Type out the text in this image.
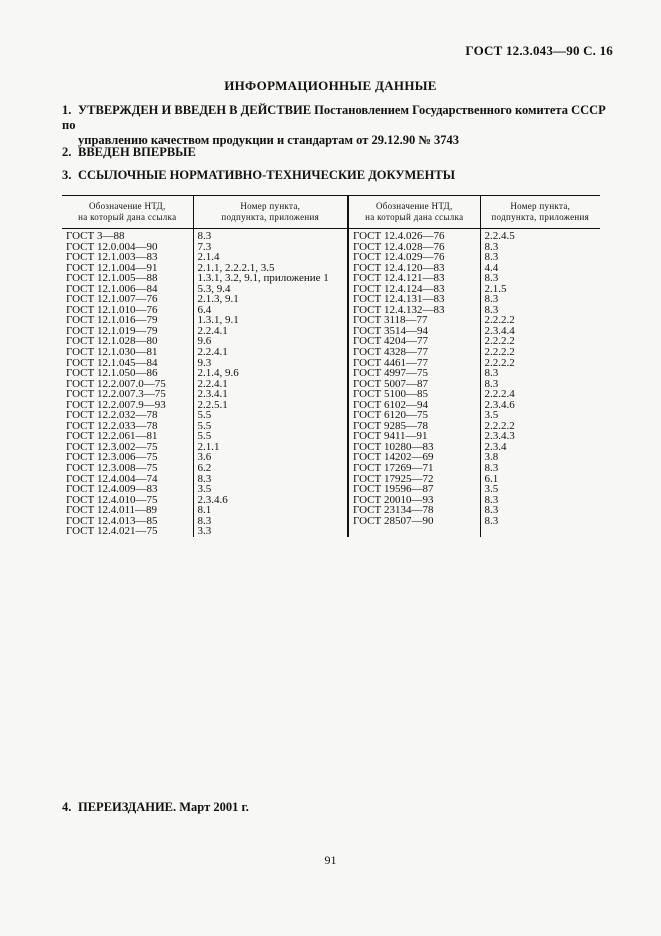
ГОСТ 12.3.043—90 С. 16
ИНФОРМАЦИОННЫЕ ДАННЫЕ
1. УТВЕРЖДЕН И ВВЕДЕН В ДЕЙСТВИЕ Постановлением Государственного комитета СССР по
управлению качеством продукции и стандартам от 29.12.90 № 3743
2. ВВЕДЕН ВПЕРВЫЕ
3. ССЫЛОЧНЫЕ НОРМАТИВНО-ТЕХНИЧЕСКИЕ ДОКУМЕНТЫ
Обозначение НТД,
на который дана ссылка	Номер пункта,
подпункта, приложения	Обозначение НТД,
на который дана ссылка	Номер пункта,
подпункта, приложения
ГОСТ 3—88	8.3	ГОСТ 12.4.026—76	2.2.4.5
ГОСТ 12.0.004—90	7.3	ГОСТ 12.4.028—76	8.3
ГОСТ 12.1.003—83	2.1.4	ГОСТ 12.4.029—76	8.3
ГОСТ 12.1.004—91	2.1.1, 2.2.2.1, 3.5	ГОСТ 12.4.120—83	4.4
ГОСТ 12.1.005—88	1.3.1, 3.2, 9.1, приложение 1	ГОСТ 12.4.121—83	8.3
ГОСТ 12.1.006—84	5.3, 9.4	ГОСТ 12.4.124—83	2.1.5
ГОСТ 12.1.007—76	2.1.3, 9.1	ГОСТ 12.4.131—83	8.3
ГОСТ 12.1.010—76	6.4	ГОСТ 12.4.132—83	8.3
ГОСТ 12.1.016—79	1.3.1, 9.1	ГОСТ 3118—77	2.2.2.2
ГОСТ 12.1.019—79	2.2.4.1	ГОСТ 3514—94	2.3.4.4
ГОСТ 12.1.028—80	9.6	ГОСТ 4204—77	2.2.2.2
ГОСТ 12.1.030—81	2.2.4.1	ГОСТ 4328—77	2.2.2.2
ГОСТ 12.1.045—84	9.3	ГОСТ 4461—77	2.2.2.2
ГОСТ 12.1.050—86	2.1.4, 9.6	ГОСТ 4997—75	8.3
ГОСТ 12.2.007.0—75	2.2.4.1	ГОСТ 5007—87	8.3
ГОСТ 12.2.007.3—75	2.3.4.1	ГОСТ 5100—85	2.2.2.4
ГОСТ 12.2.007.9—93	2.2.5.1	ГОСТ 6102—94	2.3.4.6
ГОСТ 12.2.032—78	5.5	ГОСТ 6120—75	3.5
ГОСТ 12.2.033—78	5.5	ГОСТ 9285—78	2.2.2.2
ГОСТ 12.2.061—81	5.5	ГОСТ 9411—91	2.3.4.3
ГОСТ 12.3.002—75	2.1.1	ГОСТ 10280—83	2.3.4
ГОСТ 12.3.006—75	3.6	ГОСТ 14202—69	3.8
ГОСТ 12.3.008—75	6.2	ГОСТ 17269—71	8.3
ГОСТ 12.4.004—74	8.3	ГОСТ 17925—72	6.1
ГОСТ 12.4.009—83	3.5	ГОСТ 19596—87	3.5
ГОСТ 12.4.010—75	2.3.4.6	ГОСТ 20010—93	8.3
ГОСТ 12.4.011—89	8.1	ГОСТ 23134—78	8.3
ГОСТ 12.4.013—85	8.3	ГОСТ 28507—90	8.3
ГОСТ 12.4.021—75	3.3		
4. ПЕРЕИЗДАНИЕ. Март 2001 г.
91
